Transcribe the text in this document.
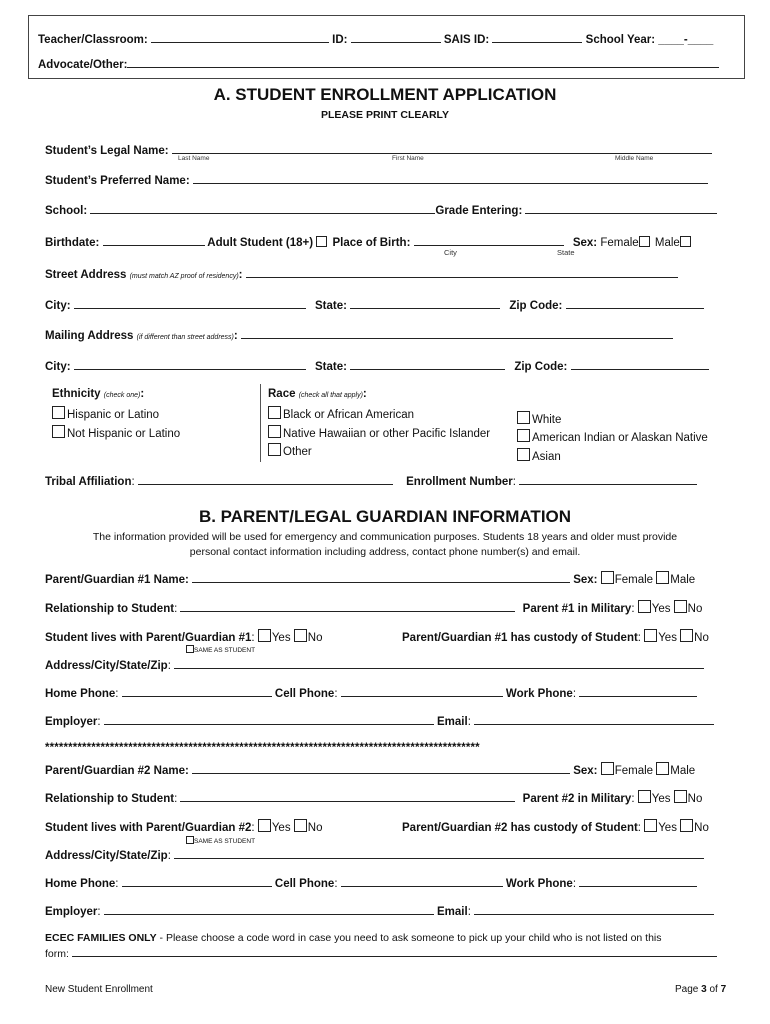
Teacher/Classroom:	ID:	SAIS ID:	School Year: ____-____
Advocate/Other:
A. STUDENT ENROLLMENT APPLICATION
PLEASE PRINT CLEARLY
Student’s Legal Name:
Last Name	First Name	Middle Name
Student’s Preferred Name:
School:	Grade Entering:
Birthdate:	Adult Student (18+) Place of Birth:	Sex: Female Male
City	State
Street Address (must match AZ proof of residency):
City:	State:	Zip Code:
Mailing Address (if different than street address):
City:	State:	Zip Code:
Ethnicity (check one):
Hispanic or Latino
Not Hispanic or Latino
Race (check all that apply):
Black or African American
Native Hawaiian or other Pacific Islander
Other
White
American Indian or Alaskan Native
Asian
Tribal Affiliation:	Enrollment Number:
B. PARENT/LEGAL GUARDIAN INFORMATION
The information provided will be used for emergency and communication purposes. Students 18 years and older must provide
personal contact information including address, contact phone number(s) and email.
Parent/Guardian #1 Name:	Sex: Female Male
Relationship to Student:	Parent #1 in Military: Yes No
Student lives with Parent/Guardian #1: Yes No	Parent/Guardian #1 has custody of Student: Yes No
SAME AS STUDENT
Address/City/State/Zip:
Home Phone:	Cell Phone:	Work Phone:
Employer:	Email:
**********************************************************************************************
Parent/Guardian #2 Name:	Sex: Female Male
Relationship to Student:	Parent #2 in Military: Yes No
Student lives with Parent/Guardian #2: Yes No	Parent/Guardian #2 has custody of Student: Yes No
SAME AS STUDENT
Address/City/State/Zip:
Home Phone:	Cell Phone:	Work Phone:
Employer:	Email:
ECEC FAMILIES ONLY - Please choose a code word in case you need to ask someone to pick up your child who is not listed on this
form:
New Student Enrollment	Page 3 of 7
